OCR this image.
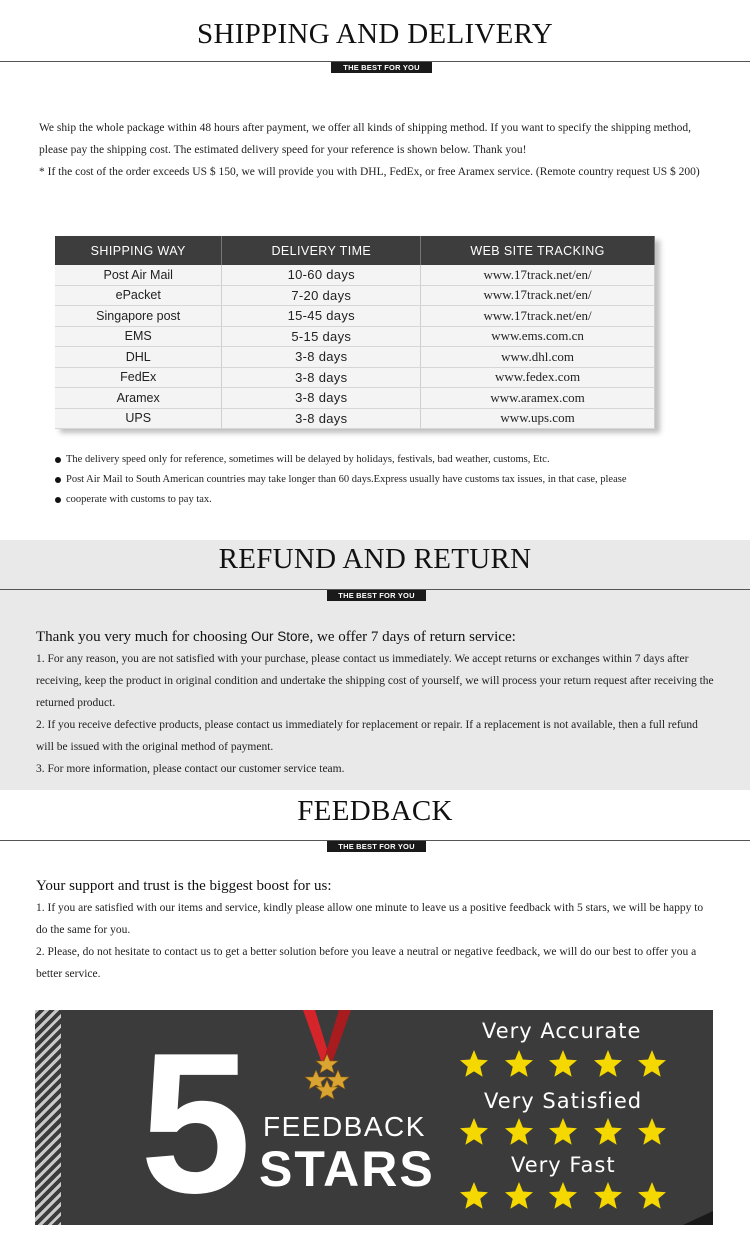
SHIPPING AND DELIVERY
THE BEST FOR YOU

We ship the whole package within 48 hours after payment, we offer all kinds of shipping method. If you want to specify the shipping method, please pay the shipping cost. The estimated delivery speed for your reference is shown below. Thank you!

* If the cost of the order exceeds US $ 150, we will provide you with DHL, FedEx, or free Aramex service. (Remote country request US $ 200)

SHIPPING WAY	DELIVERY TIME	WEB SITE TRACKING
Post Air Mail	10-60 days	www.17track.net/en/
ePacket	7-20 days	www.17track.net/en/
Singapore post	15-45 days	www.17track.net/en/
EMS	5-15 days	www.ems.com.cn
DHL	3-8 days	www.dhl.com
FedEx	3-8 days	www.fedex.com
Aramex	3-8 days	www.aramex.com
UPS	3-8 days	www.ups.com
The delivery speed only for reference, sometimes will be delayed by holidays, festivals, bad weather, customs, Etc.
Post Air Mail to South American countries may take longer than 60 days.Express usually have customs tax issues, in that case, please
cooperate with customs to pay tax.
REFUND AND RETURN
THE BEST FOR YOU

Thank you very much for choosing Our Store, we offer 7 days of return service:

1. For any reason, you are not satisfied with your purchase, please contact us immediately. We accept returns or exchanges within 7 days after receiving, keep the product in original condition and undertake the shipping cost of yourself, we will process your return request after receiving the returned product.

2. If you receive defective products, please contact us immediately for replacement or repair. If a replacement is not available, then a full refund will be issued with the original method of payment.

3. For more information, please contact our customer service team.

FEEDBACK
THE BEST FOR YOU

Your support and trust is the biggest boost for us:

1. If you are satisfied with our items and service, kindly please allow one minute to leave us a positive feedback with 5 stars, we will be happy to do the same for you.

2. Please, do not hesitate to contact us to get a better solution before you leave a neutral or negative feedback, we will do our best to offer you a better service.

5 FEEDBACK
STARS
Very Accurate
Very Satisfied
Very Fast
